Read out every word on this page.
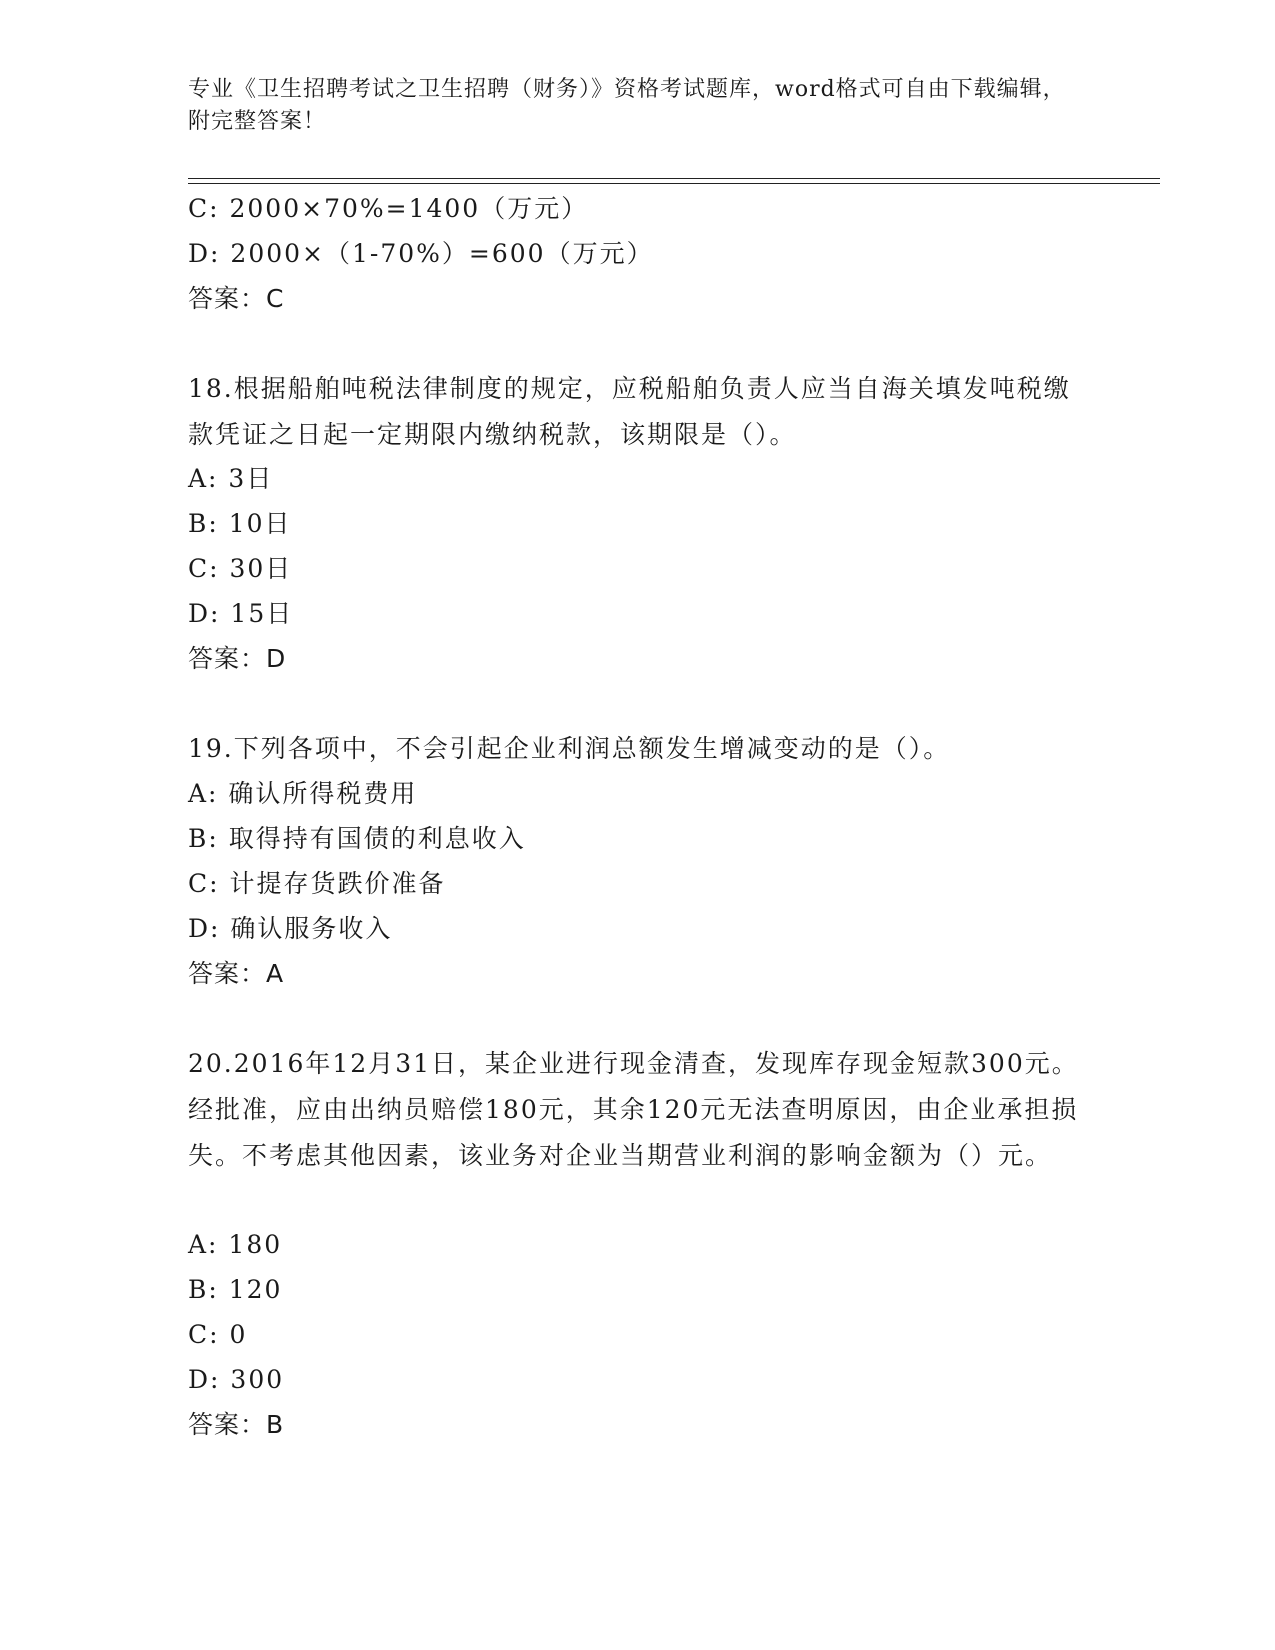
专业《卫生招聘考试之卫生招聘（财务）》资格考试题库，word格式可自由下载编辑，附完整答案！
C: 2000×70%=1400（万元）
D: 2000×（1-70%）=600（万元）
答案：C
18.根据船舶吨税法律制度的规定，应税船舶负责人应当自海关填发吨税缴款凭证之日起一定期限内缴纳税款，该期限是（）。
A: 3日
B: 10日
C: 30日
D: 15日
答案：D
19.下列各项中，不会引起企业利润总额发生增减变动的是（）。
A: 确认所得税费用
B: 取得持有国债的利息收入
C: 计提存货跌价准备
D: 确认服务收入
答案：A
20.2016年12月31日，某企业进行现金清查，发现库存现金短款300元。经批准，应由出纳员赔偿180元，其余120元无法查明原因，由企业承担损失。不考虑其他因素，该业务对企业当期营业利润的影响金额为（）元。
A: 180
B: 120
C: 0
D: 300
答案：B
